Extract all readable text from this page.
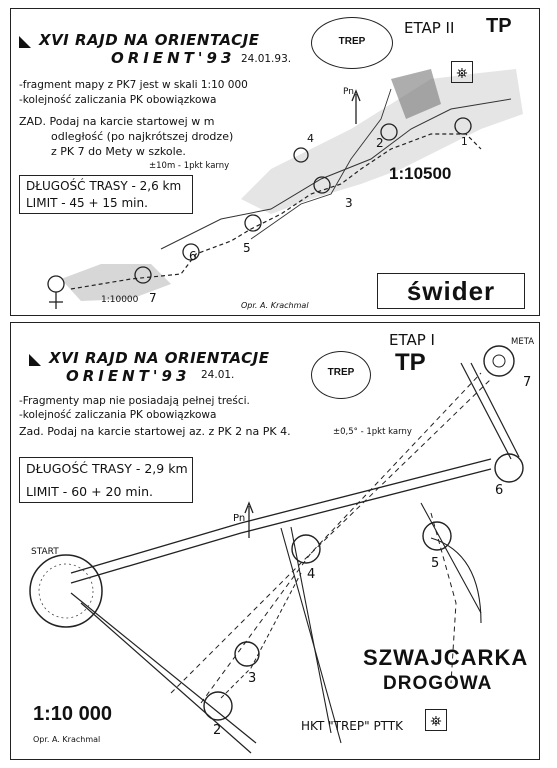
XVI RAJD NA ORIENTACJE
ORIENT'93 24.01.93.
TREP
ETAP II TP
⛯
-fragment mapy z PK7 jest w skali 1:10 000
-kolejność zaliczania PK obowiązkowa
ZAD. Podaj na karcie startowej w m
odległość (po najkrótszej drodze)
z PK 7 do Mety w szkole.
±10m - 1pkt karny
DŁUGOŚĆ TRASY - 2,6 km
LIMIT - 45 + 15 min.
Pn
1:10500
1
2
3
4
5
6
7
1:10000
Opr. A. Krachmal	świder
XVI RAJD NA ORIENTACJE
ORIENT'93 24.01.	TREP
ETAP I
TP
META
-Fragmenty map nie posiadają pełnej treści.
-kolejność zaliczania PK obowiązkowa
Zad. Podaj na karcie startowej az. z PK 2 na PK 4.	±0,5° - 1pkt karny
DŁUGOŚĆ TRASY - 2,9 km
LIMIT - 60 + 20 min.
Pn
START
2
3
4
5
6
7
SZWAJCARKA
DROGOWA
1:10 000
Opr. A. Krachmal
HKT "TREP" PTTK	⛯
